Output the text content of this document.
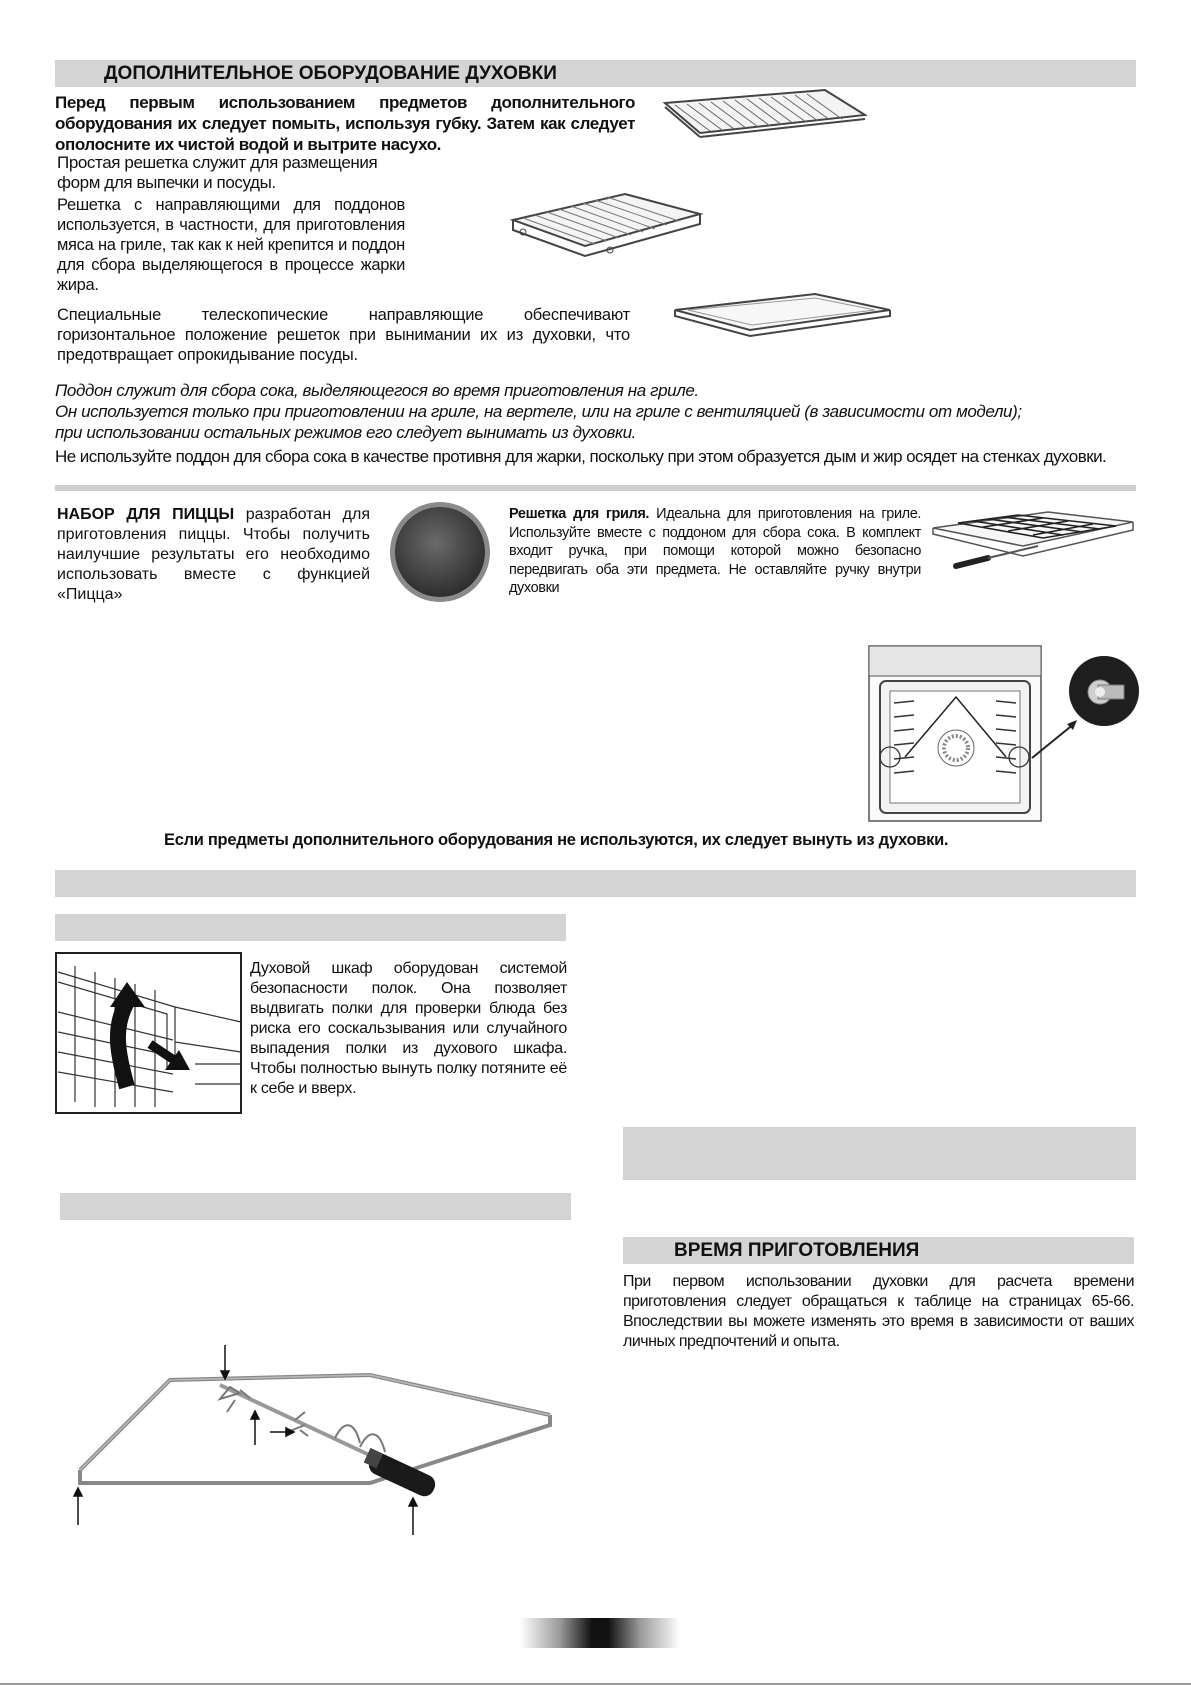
ДОПОЛНИТЕЛЬНОЕ ОБОРУДОВАНИЕ ДУХОВКИ
Перед первым использованием предметов дополнительного оборудования их следует помыть, используя губку. Затем как следует ополосните их чистой водой и вытрите насухо.
Простая решетка служит для размещения форм для выпечки и посуды.
Решетка с направляющими для поддонов используется, в частности, для приготовления мяса на гриле, так как к ней крепится и поддон для сбора выделяющегося в процессе жарки жира.
Специальные телескопические направляющие обеспечивают горизонтальное положение решеток при вынимании их из духовки, что предотвращает опрокидывание посуды.
Поддон служит для сбора сока, выделяющегося во время приготовления на гриле.
Он используется только при приготовлении на гриле, на вертеле, или на гриле с вентиляцией (в зависимости от модели);
при использовании остальных режимов его следует вынимать из духовки.
Не используйте поддон для сбора сока в качестве противня для жарки, поскольку при этом образуется дым и жир осядет на стенках духовки.
НАБОР ДЛЯ ПИЦЦЫ разработан для приготовления пиццы. Чтобы получить наилучшие результаты его необходимо использовать вместе с функцией «Пицца»
Решетка для гриля. Идеальна для приготовления на гриле. Используйте вместе с поддоном для сбора сока. В комплект входит ручка, при помощи которой можно безопасно передвигать оба эти предмета. Не оставляйте ручку внутри духовки
Если предметы дополнительного оборудования не используются, их следует вынуть из духовки.
Духовой шкаф оборудован системой безопасности полок. Она позволяет выдвигать полки для проверки блюда без риска его соскальзывания или случайного выпадения полки из духового шкафа. Чтобы полностью вынуть полку потяните её к себе и вверх.
ВРЕМЯ ПРИГОТОВЛЕНИЯ
При первом использовании духовки для расчета времени приготовления следует обращаться к таблице на страницах 65-66. Впоследствии вы можете изменять это время в зависимости от ваших личных предпочтений и опыта.
